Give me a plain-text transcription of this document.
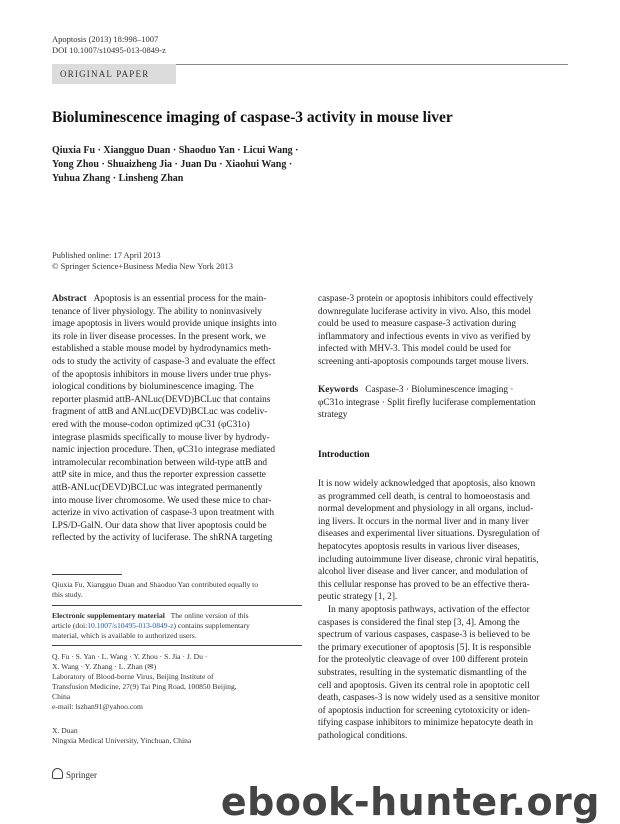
Apoptosis (2013) 18:998–1007
DOI 10.1007/s10495-013-0849-z
ORIGINAL PAPER
Bioluminescence imaging of caspase-3 activity in mouse liver
Qiuxia Fu · Xiangguo Duan · Shaoduo Yan · Licui Wang ·
Yong Zhou · Shuaizheng Jia · Juan Du · Xiaohui Wang ·
Yuhua Zhang · Linsheng Zhan
Published online: 17 April 2013
© Springer Science+Business Media New York 2013
Abstract Apoptosis is an essential process for the main-
tenance of liver physiology. The ability to noninvasively
image apoptosis in livers would provide unique insights into
its role in liver disease processes. In the present work, we
established a stable mouse model by hydrodynamics meth-
ods to study the activity of caspase-3 and evaluate the effect
of the apoptosis inhibitors in mouse livers under true phys-
iological conditions by bioluminescence imaging. The
reporter plasmid attB-ANLuc(DEVD)BCLuc that contains
fragment of attB and ANLuc(DEVD)BCLuc was codeliv-
ered with the mouse-codon optimized φC31 (φC31o)
integrase plasmids specifically to mouse liver by hydrody-
namic injection procedure. Then, φC31o integrase mediated
intramolecular recombination between wild-type attB and
attP site in mice, and thus the reporter expression cassette
attB-ANLuc(DEVD)BCLuc was integrated permanently
into mouse liver chromosome. We used these mice to char-
acterize in vivo activation of caspase-3 upon treatment with
LPS/D-GalN. Our data show that liver apoptosis could be
reflected by the activity of luciferase. The shRNA targeting
caspase-3 protein or apoptosis inhibitors could effectively
downregulate luciferase activity in vivo. Also, this model
could be used to measure caspase-3 activation during
inflammatory and infectious events in vivo as verified by
infected with MHV-3. This model could be used for
screening anti-apoptosis compounds target mouse livers.
Keywords Caspase-3 · Bioluminescence imaging ·
φC31o integrase · Split firefly luciferase complementation
strategy
Introduction
It is now widely acknowledged that apoptosis, also known
as programmed cell death, is central to homoeostasis and
normal development and physiology in all organs, includ-
ing livers. It occurs in the normal liver and in many liver
diseases and experimental liver situations. Dysregulation of
hepatocytes apoptosis results in various liver diseases,
including autoimmune liver disease, chronic viral hepatitis,
alcohol liver disease and liver cancer, and modulation of
this cellular response has proved to be an effective thera-
peutic strategy [1, 2].
In many apoptosis pathways, activation of the effector
caspases is considered the final step [3, 4]. Among the
spectrum of various caspases, caspase-3 is believed to be
the primary executioner of apoptosis [5]. It is responsible
for the proteolytic cleavage of over 100 different protein
substrates, resulting in the systematic dismantling of the
cell and apoptosis. Given its central role in apoptotic cell
death, caspases-3 is now widely used as a sensitive monitor
of apoptosis induction for screening cytotoxicity or iden-
tifying caspase inhibitors to minimize hepatocyte death in
pathological conditions.
Qiuxia Fu, Xiangguo Duan and Shaoduo Yan contributed equally to
this study.
Electronic supplementary material The online version of this
article (doi:10.1007/s10495-013-0849-z) contains supplementary
material, which is available to authorized users.
Q. Fu · S. Yan · L. Wang · Y. Zhou · S. Jia · J. Du ·
X. Wang · Y. Zhang · L. Zhan (✉)
Laboratory of Blood-borne Virus, Beijing Institute of
Transfusion Medicine, 27(9) Tai Ping Road, 100850 Beijing,
China
e-mail: lszhan91@yahoo.com
X. Duan
Ningxia Medical University, Yinchuan, China
Springer
ebook-hunter.org
